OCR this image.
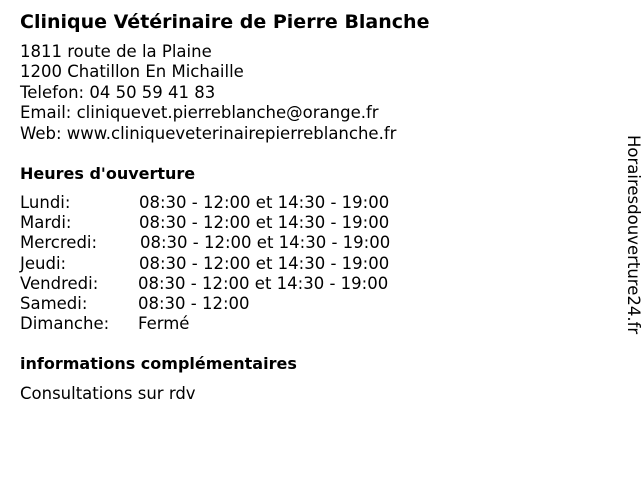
Clinique Vétérinaire de Pierre Blanche
1811 route de la Plaine
1200 Chatillon En Michaille
Telefon: 04 50 59 41 83
Email: cliniquevet.pierreblanche@orange.fr
Web: www.cliniqueveterinairepierreblanche.fr
Heures d'ouverture
Lundi:	08:30 - 12:00 et 14:30 - 19:00
Mardi:	08:30 - 12:00 et 14:30 - 19:00
Mercredi:	08:30 - 12:00 et 14:30 - 19:00
Jeudi:	08:30 - 12:00 et 14:30 - 19:00
Vendredi: 08:30 - 12:00 et 14:30 - 19:00
Samedi:	08:30 - 12:00
Dimanche: Fermé
informations complémentaires
Consultations sur rdv
Horairesdouverture24.fr
